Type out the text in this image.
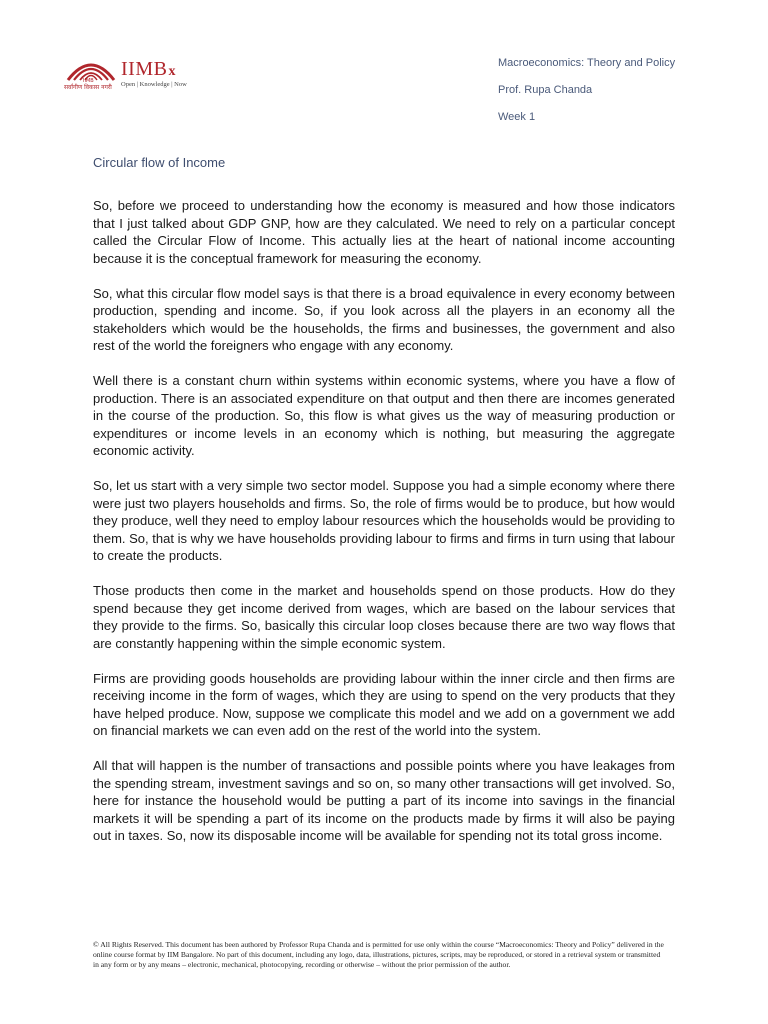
IIMB
सर्वांगीण विकास नगरी
IIMBx
Open | Knowledge | Now
Macroeconomics: Theory and Policy
Prof. Rupa Chanda
Week 1
Circular flow of Income

So, before we proceed to understanding how the economy is measured and how those indicators that I just talked about GDP GNP, how are they calculated. We need to rely on a particular concept called the Circular Flow of Income. This actually lies at the heart of national income accounting because it is the conceptual framework for measuring the economy.

So, what this circular flow model says is that there is a broad equivalence in every economy between production, spending and income. So, if you look across all the players in an economy all the stakeholders which would be the households, the firms and businesses, the government and also rest of the world the foreigners who engage with any economy.

Well there is a constant churn within systems within economic systems, where you have a flow of production. There is an associated expenditure on that output and then there are incomes generated in the course of the production. So, this flow is what gives us the way of measuring production or expenditures or income levels in an economy which is nothing, but measuring the aggregate economic activity.

So, let us start with a very simple two sector model. Suppose you had a simple economy where there were just two players households and firms. So, the role of firms would be to produce, but how would they produce, well they need to employ labour resources which the households would be providing to them. So, that is why we have households providing labour to firms and firms in turn using that labour to create the products.

Those products then come in the market and households spend on those products. How do they spend because they get income derived from wages, which are based on the labour services that they provide to the firms. So, basically this circular loop closes because there are two way flows that are constantly happening within the simple economic system.

Firms are providing goods households are providing labour within the inner circle and then firms are receiving income in the form of wages, which they are using to spend on the very products that they have helped produce. Now, suppose we complicate this model and we add on a government we add on financial markets we can even add on the rest of the world into the system.

All that will happen is the number of transactions and possible points where you have leakages from the spending stream, investment savings and so on, so many other transactions will get involved. So, here for instance the household would be putting a part of its income into savings in the financial markets it will be spending a part of its income on the products made by firms it will also be paying out in taxes. So, now its disposable income will be available for spending not its total gross income.

© All Rights Reserved. This document has been authored by Professor Rupa Chanda and is permitted for use only within the course “Macroeconomics: Theory and Policy” delivered in the online course format by IIM Bangalore. No part of this document, including any logo, data, illustrations, pictures, scripts, may be reproduced, or stored in a retrieval system or transmitted in any form or by any means – electronic, mechanical, photocopying, recording or otherwise – without the prior permission of the author.
